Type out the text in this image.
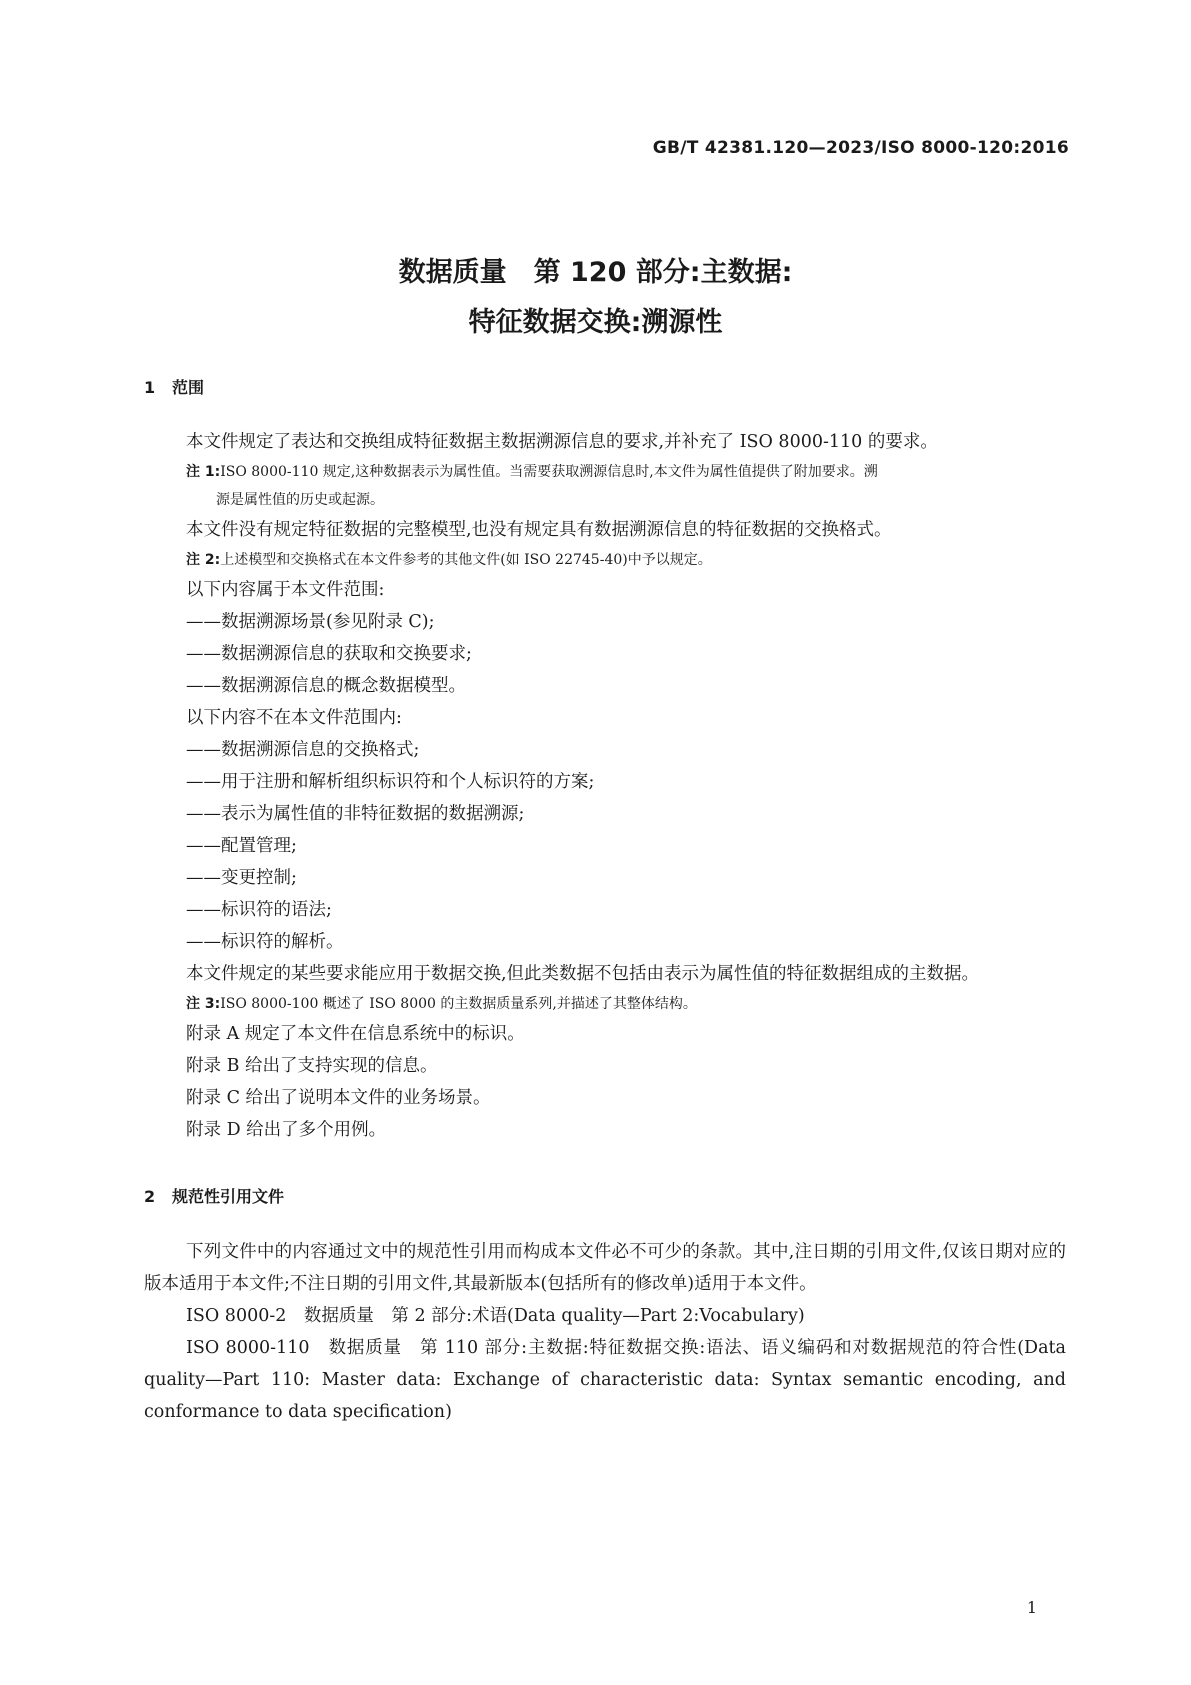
GB/T 42381.120—2023/ISO 8000-120:2016
数据质量　第 120 部分:主数据:
特征数据交换:溯源性
1 范围

本文件规定了表达和交换组成特征数据主数据溯源信息的要求,并补充了 ISO 8000-110 的要求。

注 1:ISO 8000-110 规定,这种数据表示为属性值。当需要获取溯源信息时,本文件为属性值提供了附加要求。溯
源是属性值的历史或起源。

本文件没有规定特征数据的完整模型,也没有规定具有数据溯源信息的特征数据的交换格式。

注 2:上述模型和交换格式在本文件参考的其他文件(如 ISO 22745-40)中予以规定。

以下内容属于本文件范围:

——数据溯源场景(参见附录 C);

——数据溯源信息的获取和交换要求;

——数据溯源信息的概念数据模型。

以下内容不在本文件范围内:

——数据溯源信息的交换格式;

——用于注册和解析组织标识符和个人标识符的方案;

——表示为属性值的非特征数据的数据溯源;

——配置管理;

——变更控制;

——标识符的语法;

——标识符的解析。

本文件规定的某些要求能应用于数据交换,但此类数据不包括由表示为属性值的特征数据组成的主数据。

注 3:ISO 8000-100 概述了 ISO 8000 的主数据质量系列,并描述了其整体结构。

附录 A 规定了本文件在信息系统中的标识。

附录 B 给出了支持实现的信息。

附录 C 给出了说明本文件的业务场景。

附录 D 给出了多个用例。

2 规范性引用文件

下列文件中的内容通过文中的规范性引用而构成本文件必不可少的条款。其中,注日期的引用文件,仅该日期对应的版本适用于本文件;不注日期的引用文件,其最新版本(包括所有的修改单)适用于本文件。

ISO 8000-2　数据质量　第 2 部分:术语(Data quality—Part 2:Vocabulary)

ISO 8000-110　数据质量　第 110 部分:主数据:特征数据交换:语法、语义编码和对数据规范的符合性(Data quality—Part 110: Master data: Exchange of characteristic data: Syntax semantic encoding, and conformance to data specification)

1
